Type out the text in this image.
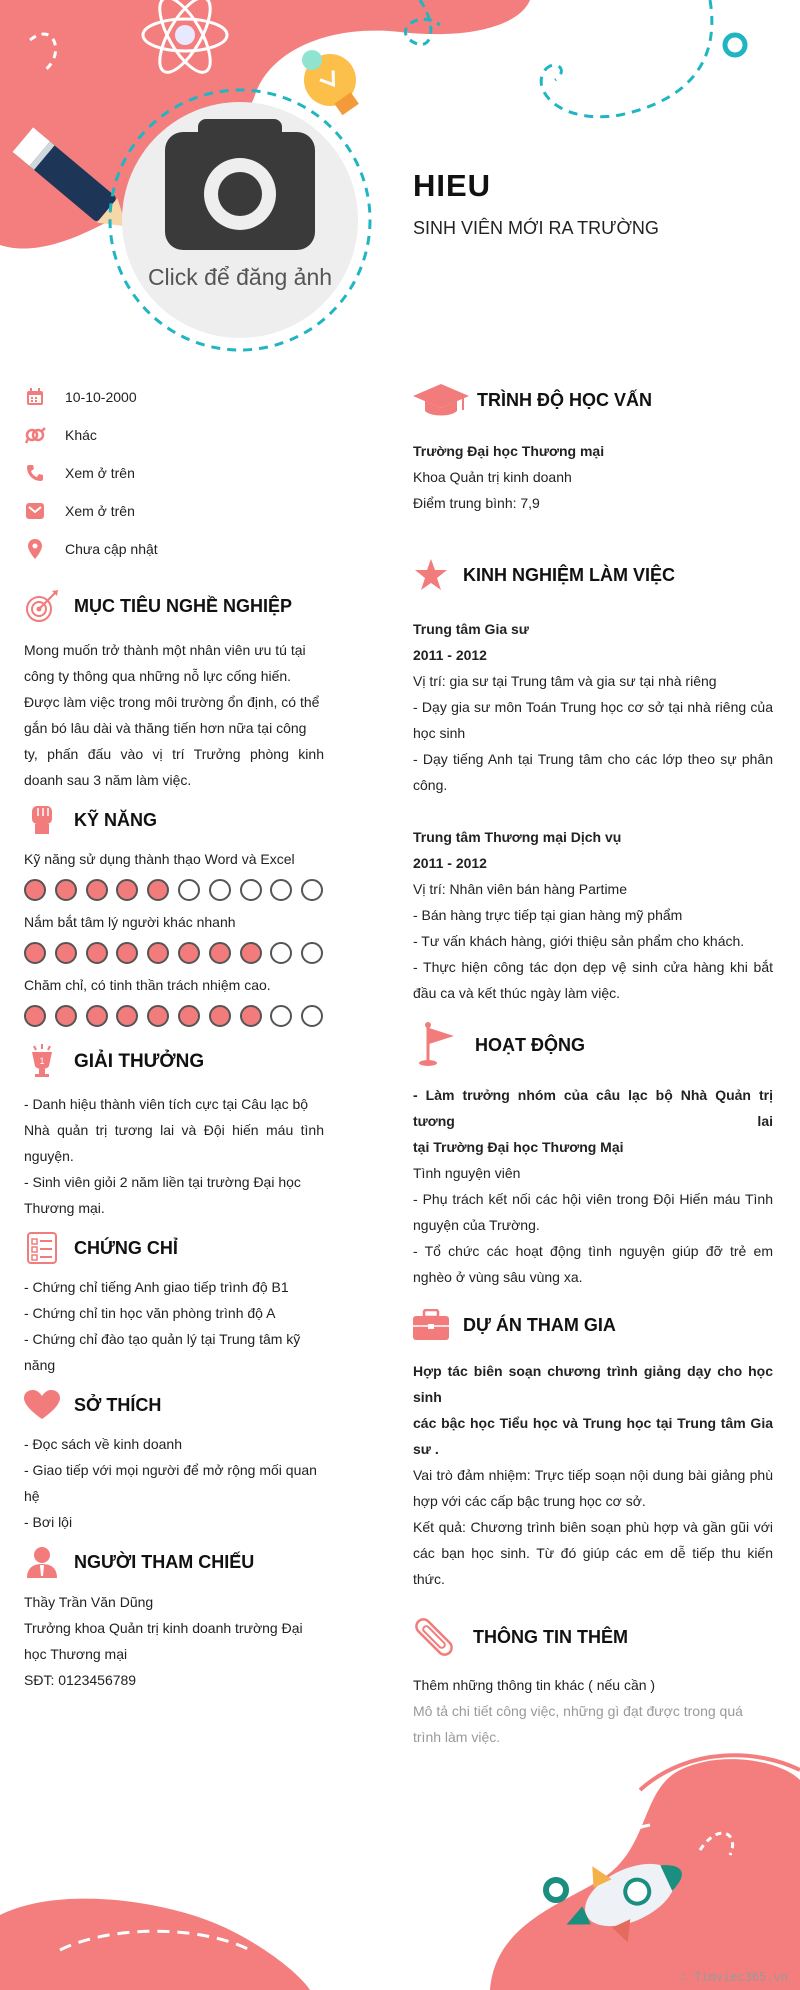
Click để đăng ảnh
HIEU
SINH VIÊN MỚI RA TRƯỜNG
10-10-2000
Khác
Xem ở trên
Xem ở trên
Chưa cập nhật
MỤC TIÊU NGHỀ NGHIỆP
Mong muốn trở thành một nhân viên ưu tú tại
công ty thông qua những nỗ lực cống hiến.
Được làm việc trong môi trường ổn định, có thể
gắn bó lâu dài và thăng tiến hơn nữa tại công
ty, phấn đấu vào vị trí Trưởng phòng kinh
doanh sau 3 năm làm việc.
KỸ NĂNG
Kỹ năng sử dụng thành thạo Word và Excel
Nắm bắt tâm lý người khác nhanh
Chăm chỉ, có tinh thần trách nhiệm cao.
1 GIẢI THƯỞNG
- Danh hiệu thành viên tích cực tại Câu lạc bộ
Nhà quản trị tương lai và Đội hiến máu tình
nguyện.
- Sinh viên giỏi 2 năm liền tại trường Đại học
Thương mại.
CHỨNG CHỈ
- Chứng chỉ tiếng Anh giao tiếp trình độ B1
- Chứng chỉ tin học văn phòng trình độ A
- Chứng chỉ đào tạo quản lý tại Trung tâm kỹ
năng
SỞ THÍCH
- Đọc sách về kinh doanh
- Giao tiếp với mọi người để mở rộng mối quan
hệ
- Bơi lội
NGƯỜI THAM CHIẾU
Thầy Trần Văn Dũng
Trưởng khoa Quản trị kinh doanh trường Đại
học Thương mại
SĐT: 0123456789
TRÌNH ĐỘ HỌC VẤN
Trường Đại học Thương mại
Khoa Quản trị kinh doanh
Điểm trung bình: 7,9
KINH NGHIỆM LÀM VIỆC
Trung tâm Gia sư
2011 - 2012
Vị trí: gia sư tại Trung tâm và gia sư tại nhà riêng
- Dạy gia sư môn Toán Trung học cơ sở tại nhà riêng của
học sinh
- Dạy tiếng Anh tại Trung tâm cho các lớp theo sự phân
công.
Trung tâm Thương mại Dịch vụ
2011 - 2012
Vị trí: Nhân viên bán hàng Partime
- Bán hàng trực tiếp tại gian hàng mỹ phẩm
- Tư vấn khách hàng, giới thiệu sản phẩm cho khách.
- Thực hiện công tác dọn dẹp vệ sinh cửa hàng khi bắt
đầu ca và kết thúc ngày làm việc.
HOẠT ĐỘNG
- Làm trưởng nhóm của câu lạc bộ Nhà Quản trị tương lai
tại Trường Đại học Thương Mại
Tình nguyện viên
- Phụ trách kết nối các hội viên trong Đội Hiến máu Tình
nguyện của Trường.
- Tổ chức các hoạt động tình nguyện giúp đỡ trẻ em
nghèo ở vùng sâu vùng xa.
DỰ ÁN THAM GIA
Hợp tác biên soạn chương trình giảng dạy cho học sinh
các bậc học Tiểu học và Trung học tại Trung tâm Gia sư .
Vai trò đảm nhiệm: Trực tiếp soạn nội dung bài giảng phù
hợp với các cấp bậc trung học cơ sở.
Kết quả: Chương trình biên soạn phù hợp và gần gũi với
các bạn học sinh. Từ đó giúp các em dễ tiếp thu kiến
thức.
THÔNG TIN THÊM
Thêm những thông tin khác ( nếu cần )
Mô tả chi tiết công việc, những gì đạt được trong quá
trình làm việc.
∴ Timviec365.vn
